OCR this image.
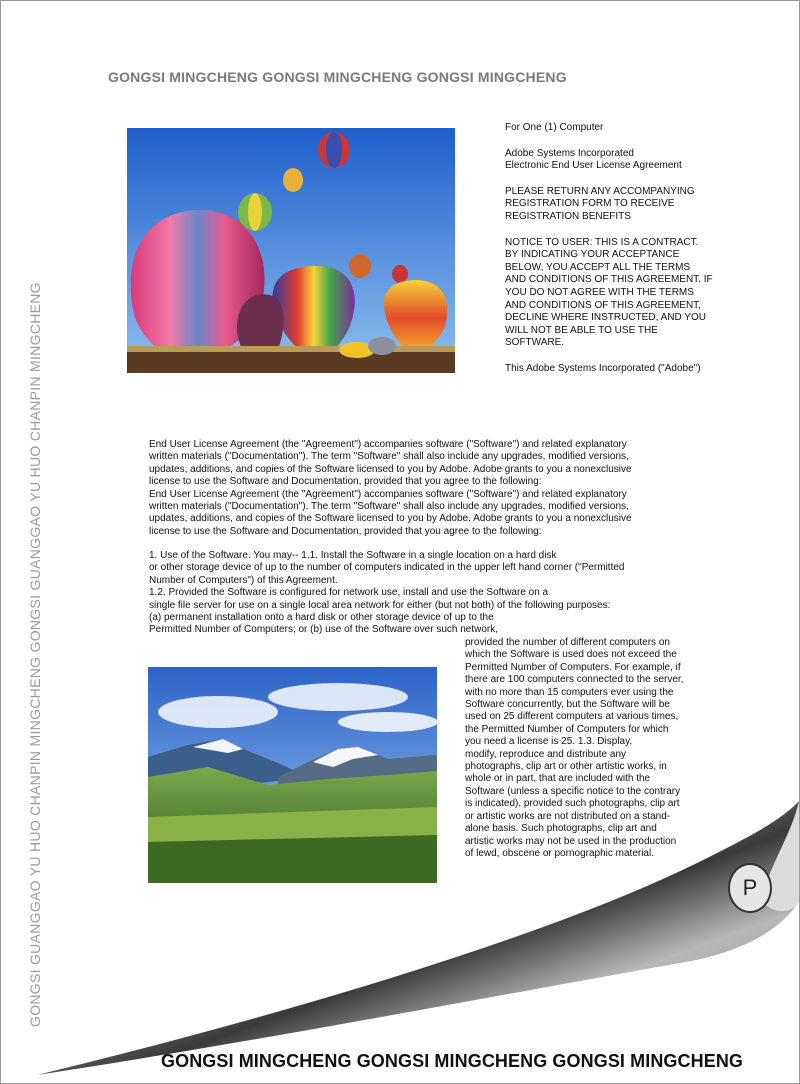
GONGSI MINGCHENG GONGSI MINGCHENG GONGSI MINGCHENG
GONGSI GUANGGAO YU HUO CHANPIN MINGCHENG GONGSI GUANGGAO YU HUO CHANPIN MINGCHENG

For One (1) Computer

Adobe Systems Incorporated
Electronic End User License Agreement

PLEASE RETURN ANY ACCOMPANYING
REGISTRATION FORM TO RECEIVE
REGISTRATION BENEFITS

NOTICE TO USER: THIS IS A CONTRACT.
BY INDICATING YOUR ACCEPTANCE
BELOW, YOU ACCEPT ALL THE TERMS
AND CONDITIONS OF THIS AGREEMENT. IF
YOU DO NOT AGREE WITH THE TERMS
AND CONDITIONS OF THIS AGREEMENT,
DECLINE WHERE INSTRUCTED, AND YOU
WILL NOT BE ABLE TO USE THE
SOFTWARE.

This Adobe Systems Incorporated ("Adobe")

End User License Agreement (the "Agreement") accompanies software ("Software") and related explanatory
written materials ("Documentation"). The term "Software" shall also include any upgrades, modified versions,
updates, additions, and copies of the Software licensed to you by Adobe. Adobe grants to you a nonexclusive
license to use the Software and Documentation, provided that you agree to the following:
End User License Agreement (the "Agreement") accompanies software ("Software") and related explanatory
written materials ("Documentation"). The term "Software" shall also include any upgrades, modified versions,
updates, additions, and copies of the Software licensed to you by Adobe. Adobe grants to you a nonexclusive
license to use the Software and Documentation, provided that you agree to the following:
1. Use of the Software. You may-- 1.1. Install the Software in a single location on a hard disk
or other storage device of up to the number of computers indicated in the upper left hand corner ("Permitted
Number of Computers") of this Agreement.
1.2. Provided the Software is configured for network use, install and use the Software on a
single file server for use on a single local area network for either (but not both) of the following purposes:
(a) permanent installation onto a hard disk or other storage device of up to the
Permitted Number of Computers; or (b) use of the Software over such network,
provided the number of different computers on
which the Software is used does not exceed the
Permitted Number of Computers. For example, if
there are 100 computers connected to the server,
with no more than 15 computers ever using the
Software concurrently, but the Software will be
used on 25 different computers at various times,
the Permitted Number of Computers for which
you need a license is 25. 1.3. Display,
modify, reproduce and distribute any
photographs, clip art or other artistic works, in
whole or in part, that are included with the
Software (unless a specific notice to the contrary
is indicated), provided such photographs, clip art
or artistic works are not distributed on a stand-
alone basis. Such photographs, clip art and
artistic works may not be used in the production
of lewd, obscene or pornographic material.
P
GONGSI MINGCHENG GONGSI MINGCHENG GONGSI MINGCHENG
